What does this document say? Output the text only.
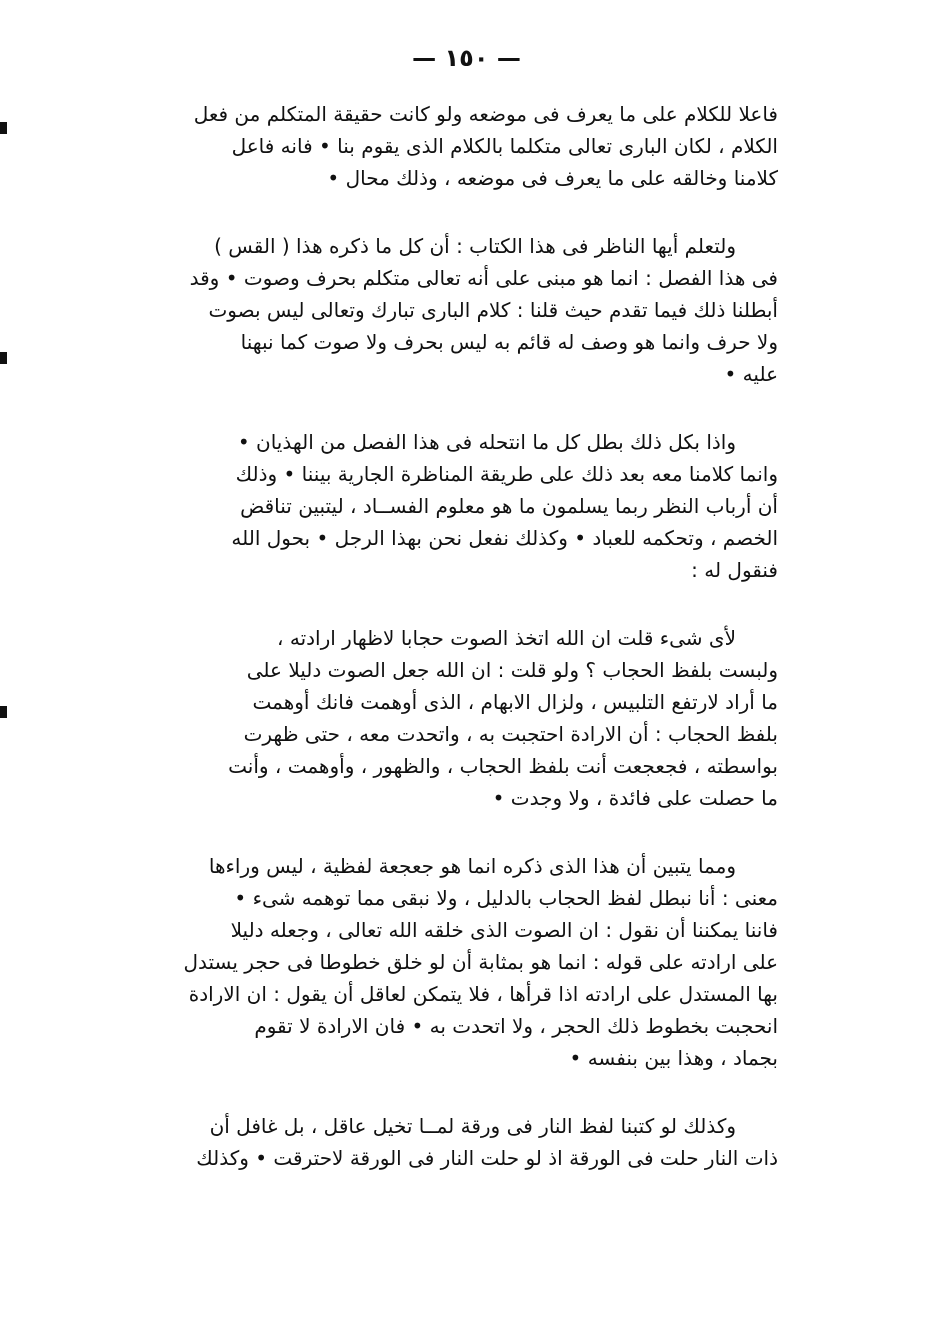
— ١٥٠ —

فاعلا للكلام على ما يعرف فى موضعه ولو كانت حقيقة المتكلم من فعل
الكلام ، لكان البارى تعالى متكلما بالكلام الذى يقوم بنا • فانه فاعل
كلامنا وخالقه على ما يعرف فى موضعه ، وذلك محال •

ولتعلم أيها الناظر فى هذا الكتاب : أن كل ما ذكره هذا ( القس )
فى هذا الفصل : انما هو مبنى على أنه تعالى متكلم بحرف وصوت • وقد
أبطلنا ذلك فيما تقدم حيث قلنا : كلام البارى تبارك وتعالى ليس بصوت
ولا حرف وانما هو وصف له قائم به ليس بحرف ولا صوت كما نبهنا
عليه •

واذا بكل ذلك بطل كل ما انتحله فى هذا الفصل من الهذيان •
وانما كلامنا معه بعد ذلك على طريقة المناظرة الجارية بيننا • وذلك
أن أرباب النظر ربما يسلمون ما هو معلوم الفســاد ، ليتبين تناقض
الخصم ، وتحكمه للعباد • وكذلك نفعل نحن بهذا الرجل • بحول الله
فنقول له :

لأى شىء قلت ان الله اتخذ الصوت حجابا لاظهار ارادته ،
ولبست بلفظ الحجاب ؟ ولو قلت : ان الله جعل الصوت دليلا على
ما أراد لارتفع التلبيس ، ولزال الابهام ، الذى أوهمت فانك أوهمت
بلفظ الحجاب : أن الارادة احتجبت به ، واتحدت معه ، حتى ظهرت
بواسطته ، فجعجعت أنت بلفظ الحجاب ، والظهور ، وأوهمت ، وأنت
ما حصلت على فائدة ، ولا وجدت •

ومما يتبين أن هذا الذى ذكره انما هو جعجعة لفظية ، ليس وراءها
معنى : أنا نبطل لفظ الحجاب بالدليل ، ولا نبقى مما توهمه شىء •
فاننا يمكننا أن نقول : ان الصوت الذى خلقه الله تعالى ، وجعله دليلا
على ارادته على قوله : انما هو بمثابة أن لو خلق خطوطا فى حجر يستدل
بها المستدل على ارادته اذا قرأها ، فلا يتمكن لعاقل أن يقول : ان الارادة
انحجبت بخطوط ذلك الحجر ، ولا اتحدت به • فان الارادة لا تقوم
بجماد ، وهذا بين بنفسه •

وكذلك لو كتبنا لفظ النار فى ورقة لمــا تخيل عاقل ، بل غافل أن
ذات النار حلت فى الورقة اذ لو حلت النار فى الورقة لاحترقت • وكذلك
